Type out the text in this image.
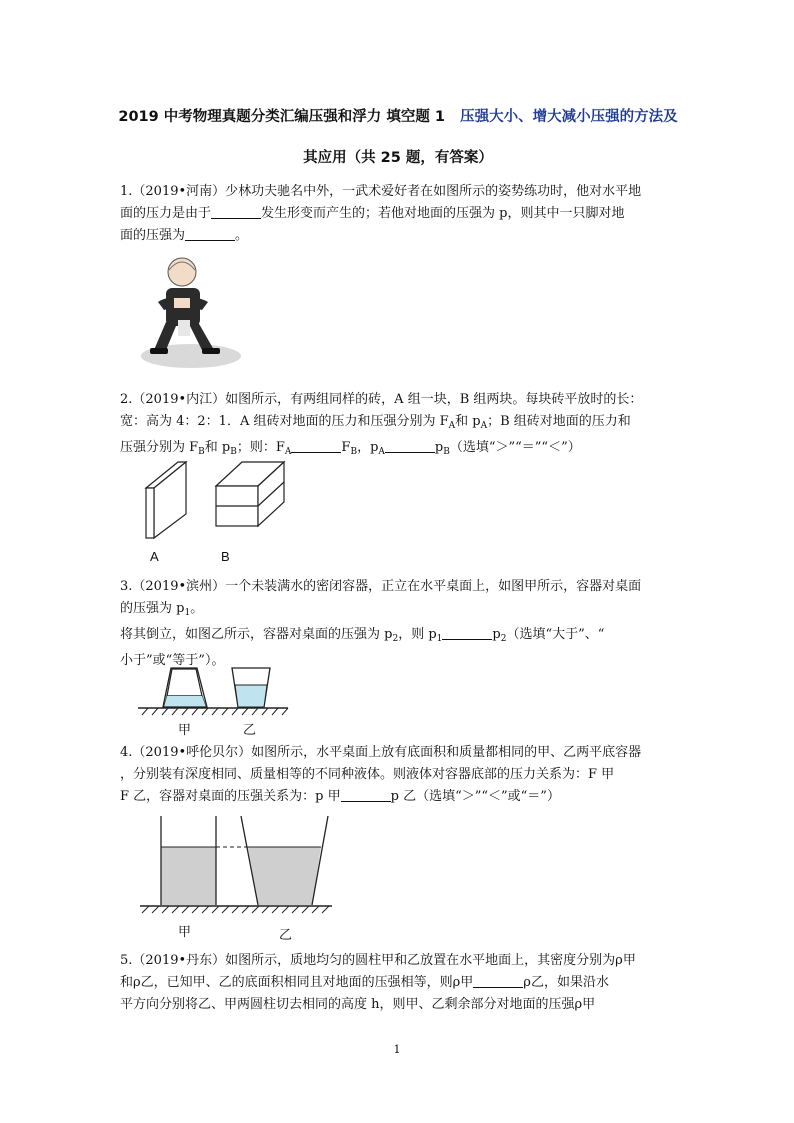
2019 中考物理真题分类汇编压强和浮力 填空题 1 压强大小、增大减小压强的方法及
其应用（共 25 题，有答案）
1.（2019•河南）少林功夫驰名中外，一武术爱好者在如图所示的姿势练功时，他对水平地
面的压力是由于	发生形变而产生的；若他对地面的压强为 p，则其中一只脚对地
面的压强为	。
2.（2019•内江）如图所示，有两组同样的砖，A 组一块，B 组两块。每块砖平放时的长：
宽：高为 4：2：1．A 组砖对地面的压力和压强分别为 $F_A$和 $p_A$；B 组砖对地面的压力和
压强分别为 $F_B$和 $p_B$；则：$F_A$	$F_B$，$p_A$	$p_B$（选填“＞”“＝”“＜”）
A	B
3.（2019•滨州）一个未装满水的密闭容器，正立在水平桌面上，如图甲所示，容器对桌面
的压强为 $p_1$。
将其倒立，如图乙所示，容器对桌面的压强为 $p_2$，则 $p_1$	$p_2$（选填“大于”、“
小于”或“等于”）。
甲	乙
4.（2019•呼伦贝尔）如图所示，水平桌面上放有底面积和质量都相同的甲、乙两平底容器
，分别装有深度相同、质量相等的不同种液体。则液体对容器底部的压力关系为：F 甲
F 乙，容器对桌面的压强关系为：p 甲	p 乙（选填“＞”“＜”或“＝”）
甲	乙
5.（2019•丹东）如图所示，质地均匀的圆柱甲和乙放置在水平地面上，其密度分别为ρ甲
和ρ乙，已知甲、乙的底面积相同且对地面的压强相等，则ρ甲	ρ乙，如果沿水
平方向分别将乙、甲两圆柱切去相同的高度 h，则甲、乙剩余部分对地面的压强ρ甲
1
